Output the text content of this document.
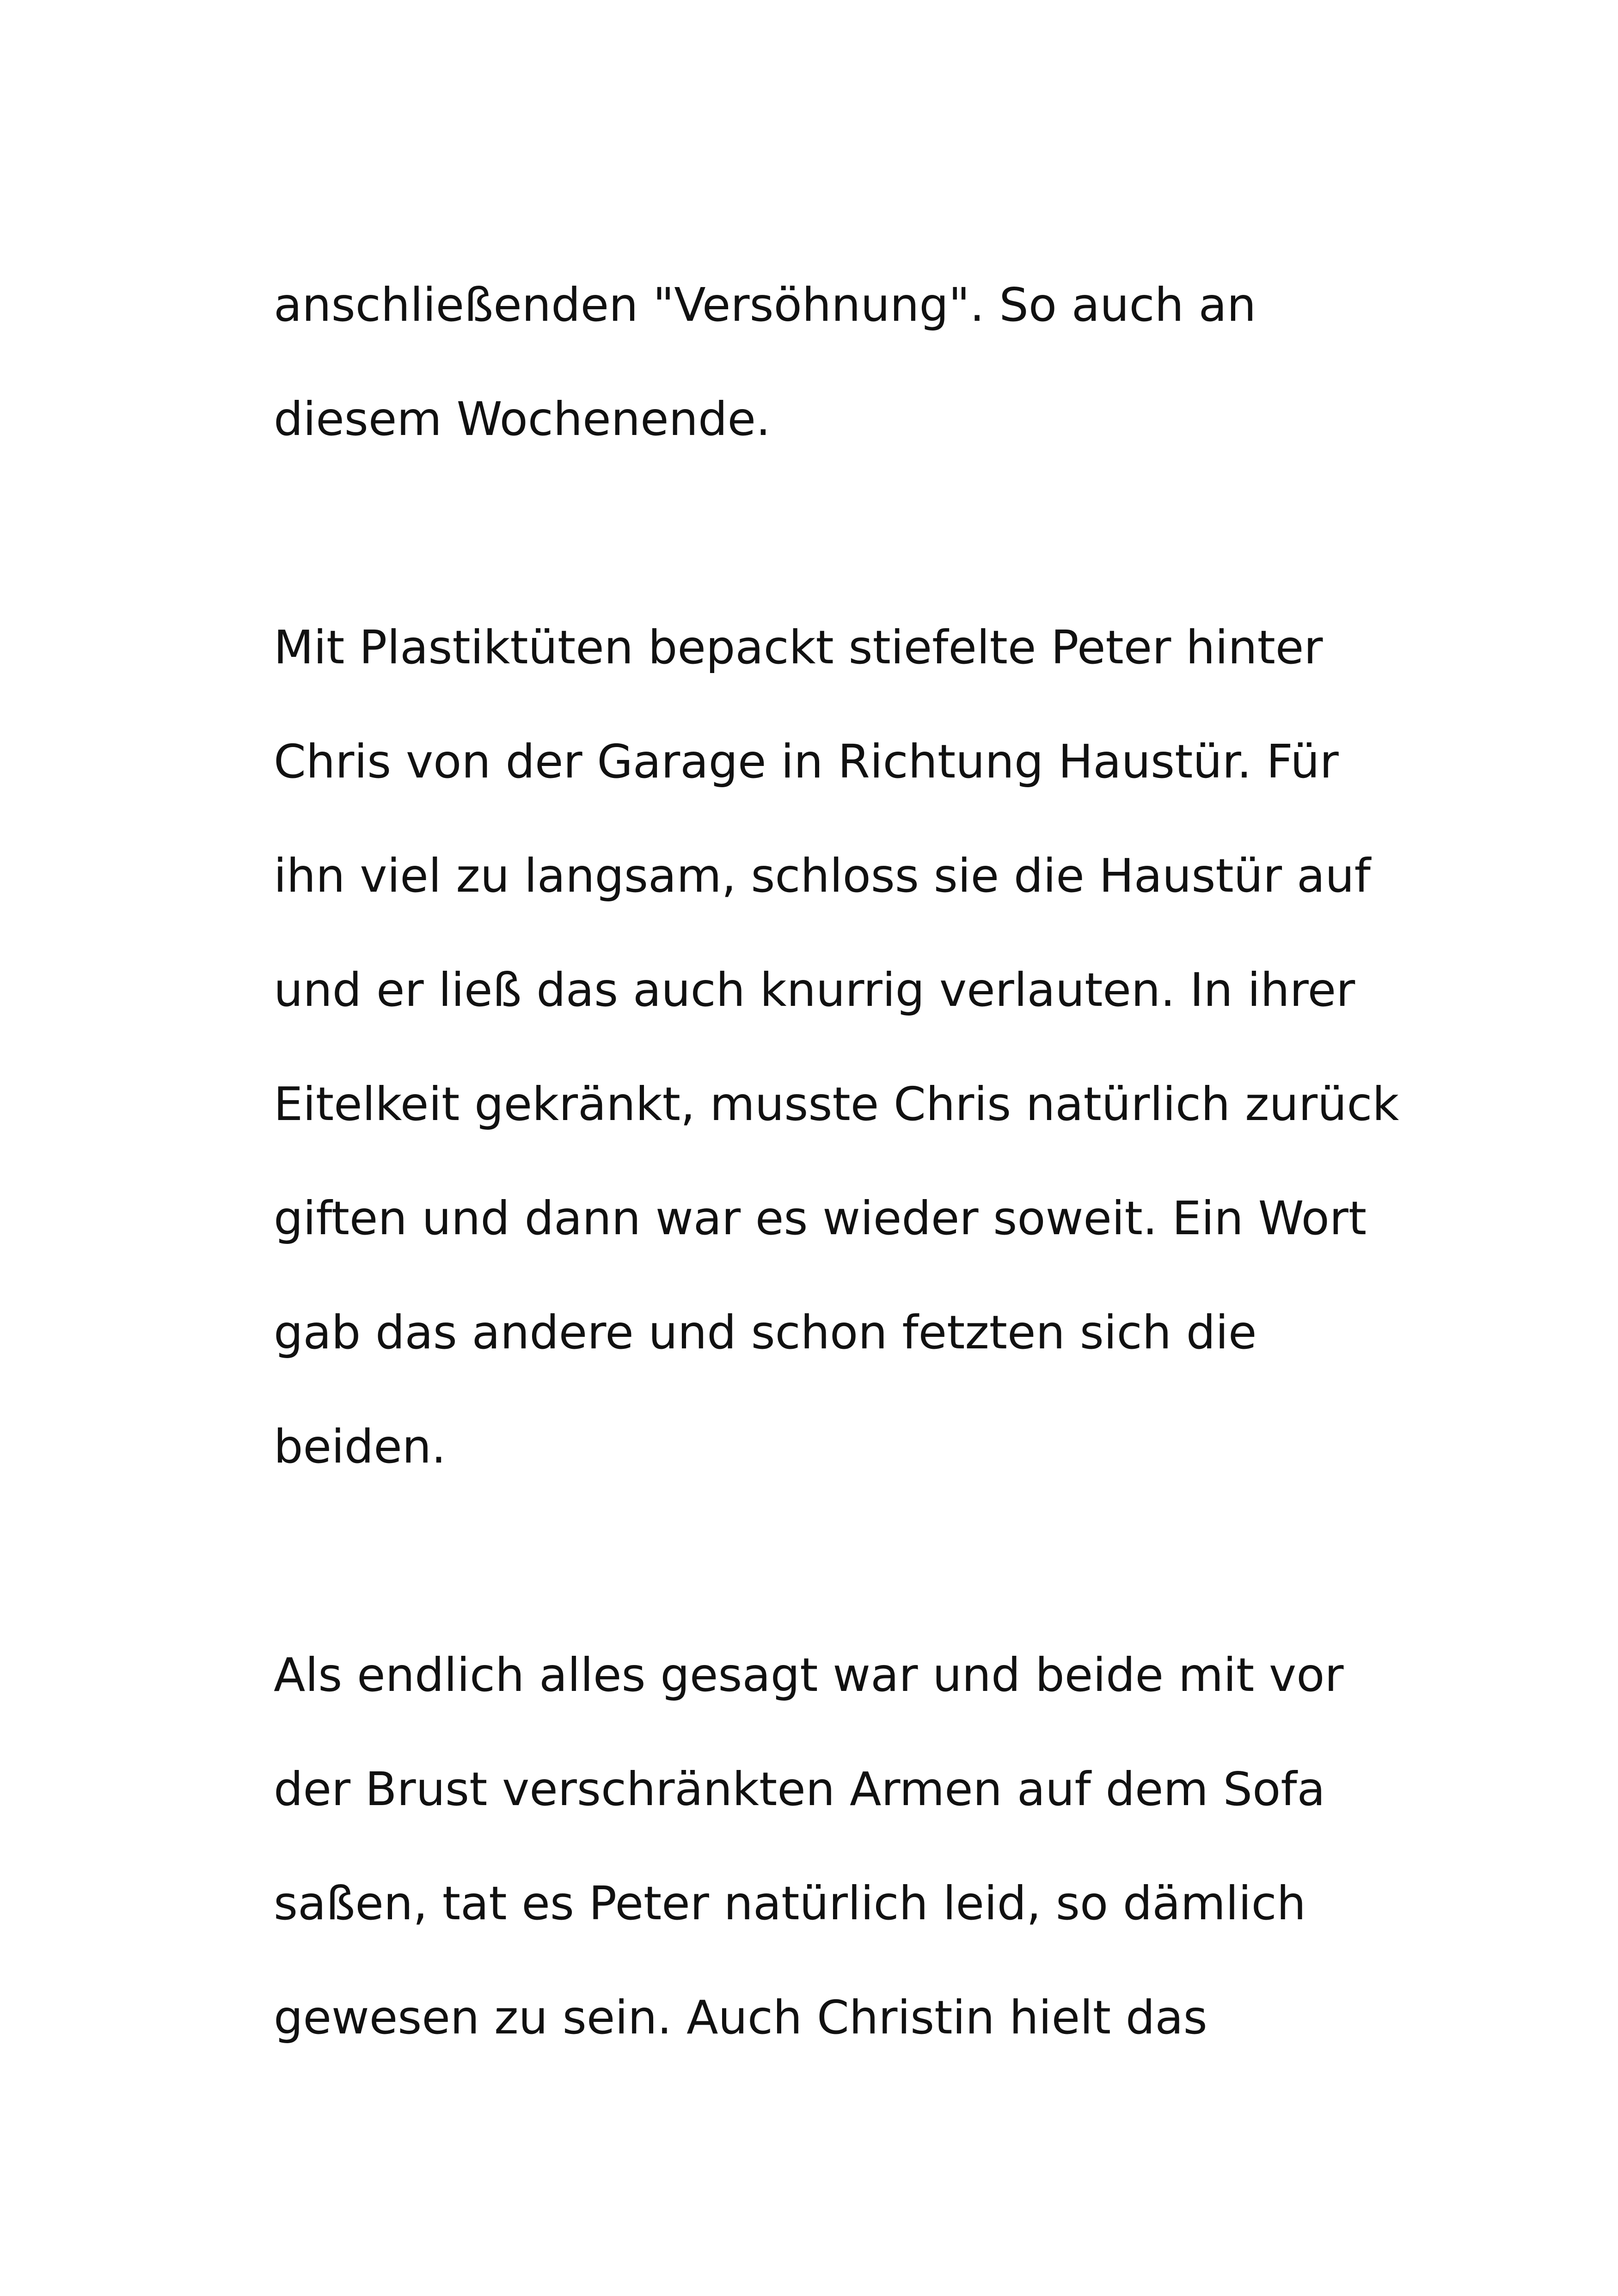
anschließenden "Versöhnung". So auch an
diesem Wochenende.
Mit Plastiktüten bepackt stiefelte Peter hinter
Chris von der Garage in Richtung Haustür. Für
ihn viel zu langsam, schloss sie die Haustür auf
und er ließ das auch knurrig verlauten. In ihrer
Eitelkeit gekränkt, musste Chris natürlich zurück
giften und dann war es wieder soweit. Ein Wort
gab das andere und schon fetzten sich die
beiden.
Als endlich alles gesagt war und beide mit vor
der Brust verschränkten Armen auf dem Sofa
saßen, tat es Peter natürlich leid, so dämlich
gewesen zu sein. Auch Christin hielt das
